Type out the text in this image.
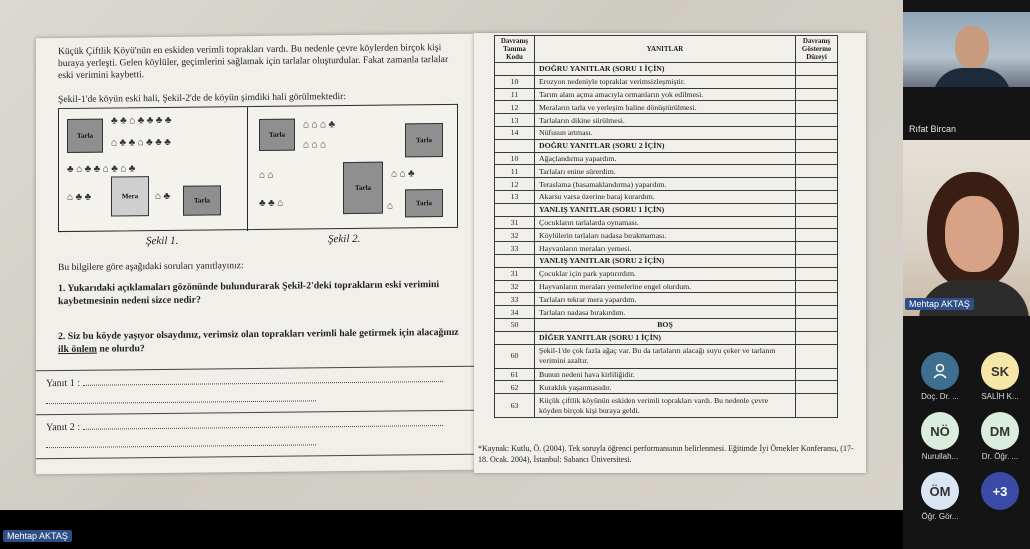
Küçük Çiftlik Köyü'nün en eskiden verimli toprakları vardı. Bu nedenle çevre köylerden birçok kişi buraya yerleşti. Gelen köylüler, geçimlerini sağlamak için tarlalar oluşturdular. Fakat zamanla tarlalar eski verimini kaybetti.
Şekil-1'de köyün eski hali, Şekil-2'de de köyün şimdiki hali görülmektedir:
Tarla
Mera
Tarla
♣ ♣ ⌂ ♣ ♣ ♣ ♣
⌂ ♣ ♣ ⌂ ♣ ♣ ♣
♣ ⌂ ♣ ♣ ⌂ ♣ ⌂ ♣
⌂ ♣ ♣	⌂ ♣
Tarla
Tarla
Tarla
Tarla
⌂ ⌂ ⌂ ♣
⌂ ⌂ ⌂
⌂ ⌂	⌂ ⌂ ♣
♣ ♣ ⌂	⌂
Şekil 1.	Şekil 2.
Bu bilgilere göre aşağıdaki soruları yanıtlayınız:
1. Yukarıdaki açıklamaları gözönünde bulundurarak Şekil-2'deki toprakların eski verimini kaybetmesinin nedeni sizce nedir?
2. Siz bu köyde yaşıyor olsaydınız, verimsiz olan toprakları verimli hale getirmek için alacağınız ilk önlem ne olurdu?
Yanıt 1 :
Yanıt 2 :
Davranış Tanıma Kodu	YANITLAR	Davranış Gösterme Düzeyi
	DOĞRU YANITLAR (SORU 1 İÇİN)	
10	Erozyon nedeniyle topraklar verimsizleşmiştir.	
11	Tarım alanı açma amacıyla ormanların yok edilmesi.	
12	Meraların tarla ve yerleşim haline dönüştürülmesi.	
13	Tarlaların dikine sürülmesi.	
14	Nüfusun artması.	
	DOĞRU YANITLAR (SORU 2 İÇİN)	
10	Ağaçlandırma yapardım.	
11	Tarlaları enine sürerdim.	
12	Teraslama (basamaklandırma) yapardım.	
13	Akarsu varsa üzerine baraj kurardım.	
	YANLIŞ YANITLAR (SORU 1 İÇİN)	
31	Çocukların tarlalarda oynaması.	
32	Köylülerin tarlaları nadasa bırakmaması.	
33	Hayvanların meraları yemesi.	
	YANLIŞ YANITLAR (SORU 2 İÇİN)	
31	Çocuklar için park yaptırırdım.	
32	Hayvanların meraları yemelerine engel olurdum.	
33	Tarlaları tekrar mera yapardım.	
34	Tarlaları nadasa bırakırdım.	
50	BOŞ	
	DİĞER YANITLAR (SORU 1 İÇİN)	
60	Şekil-1'de çok fazla ağaç var. Bu da tarlaların alacağı suyu çeker ve tarlanın verimini azaltır.	
61	Bunun nedeni hava kirliliğidir.	
62	Kuraklık yaşanmasıdır.	
63	Küçük çiftlik köyünün eskiden verimli toprakları vardı. Bu nedenle çevre köyden birçok kişi buraya geldi.	
*Kaynak: Kutlu, Ö. (2004). Tek soruyla öğrenci performansının belirlenmesi. Eğitimde İyi Örnekler Konferansı, (17-18. Ocak. 2004), İstanbul: Sabancı Üniversitesi.
Rıfat Bircan
Mehtap AKTAŞ
Doç. Dr. ...
SK
SALİH K...
NÖ
Nurullah...
DM
Dr. Öğr. ...
ÖM
Öğr. Gör...
+3
Mehtap AKTAŞ
